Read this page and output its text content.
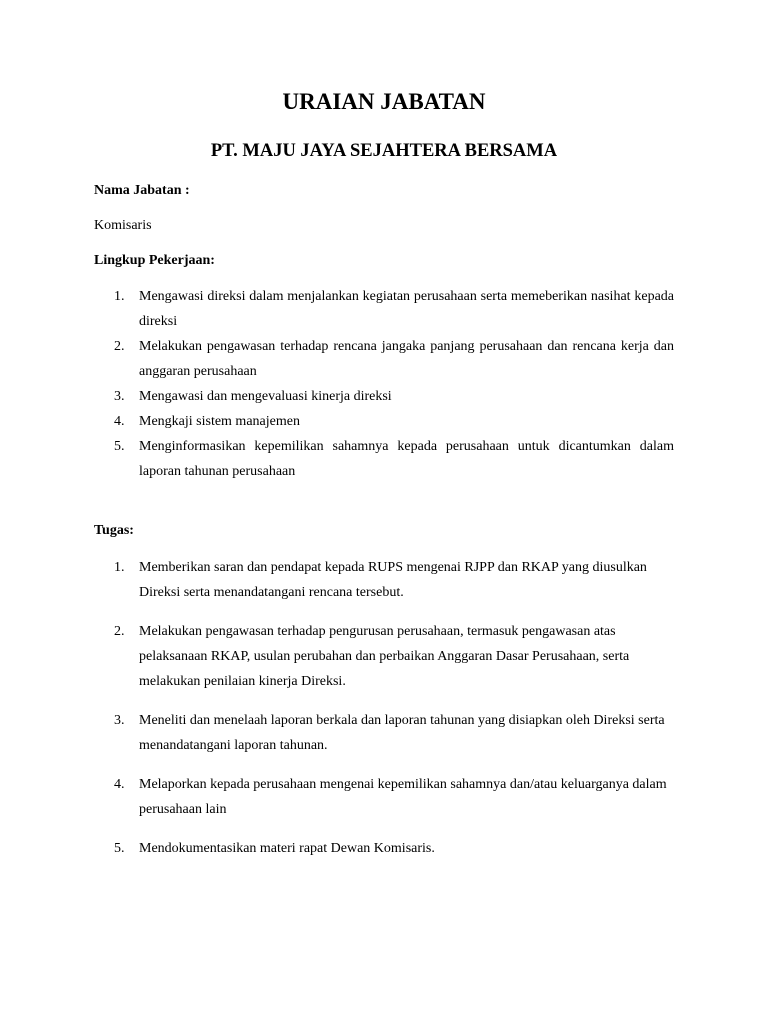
URAIAN JABATAN
PT. MAJU JAYA SEJAHTERA BERSAMA

Nama Jabatan :

Komisaris

Lingkup Pekerjaan:

1.	Mengawasi direksi dalam menjalankan kegiatan perusahaan serta memeberikan nasihat kepada direksi
2.	Melakukan pengawasan terhadap rencana jangaka panjang perusahaan dan rencana kerja dan anggaran perusahaan
3.	Mengawasi dan mengevaluasi kinerja direksi
4.	Mengkaji sistem manajemen
5.	Menginformasikan kepemilikan sahamnya kepada perusahaan untuk dicantumkan dalam laporan tahunan perusahaan

Tugas:

1.	Memberikan saran dan pendapat kepada RUPS mengenai RJPP dan RKAP yang diusulkan Direksi serta menandatangani rencana tersebut.
2.	Melakukan pengawasan terhadap pengurusan perusahaan, termasuk pengawasan atas pelaksanaan RKAP, usulan perubahan dan perbaikan Anggaran Dasar Perusahaan, serta melakukan penilaian kinerja Direksi.
3.	Meneliti dan menelaah laporan berkala dan laporan tahunan yang disiapkan oleh Direksi serta menandatangani laporan tahunan.
4.	Melaporkan kepada perusahaan mengenai kepemilikan sahamnya dan/atau keluarganya dalam perusahaan lain
5.	Mendokumentasikan materi rapat Dewan Komisaris.
